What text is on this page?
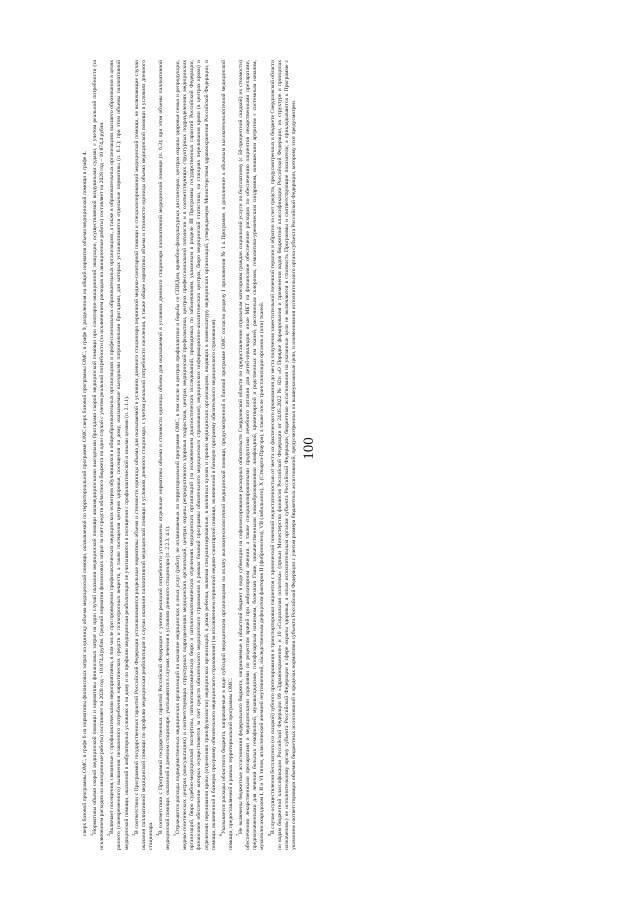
100

сверх базовой программы ОМС, в графе 6 на нормативы финансовых затрат на единицу объема медицинской помощи, оказываемой по территориальной программе ОМС сверх базовой программы ОМС, в графе 9, разделенная на общий норматив объема медицинской помощи в графе 4. $^1$Нормативы объема скорой медицинской помощи и нормативы финансовых затрат на один случай оказания медицинской помощи авиамедицинскими выездными бригадами скорой медицинской помощи при санитарно-авиационной эвакуации, осуществляемой воздушными судами, с учетом реальной потребности (за исключением расходов на авиационные работы) составляет на 2028 год – 10 874,4 рубля. Средний норматив финансовых затрат за счет средств областного бюджета на один случай с учетом реальной потребности (за исключением расходов на авиационные работы) составляет на 2028 год – 10 874,4 рубля. $^2$Включает посещения, связанные с профилактическими мероприятиями, в том числе при проведении профилактических медицинских осмотров обучающихся в общеобразовательных организациях и профессиональных образовательных организациях, а также в образовательных организациях высшего образования в целях раннего (своевременного) выявления незаконного потребления наркотических средств и психотропных веществ, а также посещения центров здоровья, посещения на дому, оказываемые выездными патронажными бригадами, для которых устанавливаются отдельные нормативы (п. 6.1.); при этом объемы паллиативной медицинской помощи, оказанной в амбулаторных условиях и на дому и по профилю медицинская реабилитация не учитываются в посещения с профилактической и иными целями (п. 2.1.1). $^3$В соответствии с Программой государственных гарантий Российской Федерации устанавливаются раздельные нормативы объема и стоимости единицы объема для оказываемой в условиях дневного стационара первичной медико-санитарной помощи и специализированной медицинской помощи, не включающие случаи оказания паллиативной медицинской помощи по профилю медицинская реабилитация и случаи оказания паллиативной медицинской помощи в условиях дневного стационара, с учетом реальной потребности населения, а также общие нормативы объема и стоимости единицы объема медицинской помощи в условиях дневного стационара. $^4$В соответствии с Программой государственных гарантий Российской Федерации с учетом реальной потребности установлены отдельные нормативы объема и стоимости единицы объема для оказываемой в условиях дневного стационара паллиативной медицинской помощи (п. 6.3); при этом объемы паллиативной медицинской помощи, оказанной в дневном стационаре, учитываются в случаях лечения в условиях дневного стационара (п. 2.2.3, 4.1). $^5$Отражаются расходы подведомственных медицинских организаций на оказание медицинских и иных услуг (работ), не оплачиваемых по территориальной программе ОМС, в том числе в центрах профилактики и борьбы со СПИДом, врачебно-физкультурных диспансерах, центрах охраны здоровья семьи и репродукции, медико-генетических центрах (консультациях) и соответствующих структурных подразделениях медицинских организаций, центрах охраны репродуктивного здоровья подростков, центрах медицинской профилактики, центрах профессиональной патологии и в соответствующих структурных подразделениях медицинских организаций, бюро судебно-медицинской экспертизы, патологоанатомических бюро и патологоанатомических отделениях медицинских организаций (за исключением диагностических исследований, проводимых по заболеваниям, указанным в разделе III Программы государственных гарантий Российской Федерации, финансовое обеспечение которых осуществляется за счет средств обязательного медицинского страхования в рамках базовой программы обязательного медицинского страхования), медицинских информационно-аналитических центрах, бюро медицинской статистики, на станциях переливания крови (в центрах крови) и отделениях переливания крови (отделениях трансфузиологии) медицинских организаций, в домах ребенка, включая специализированные, в молочных кухнях и прочих медицинских организациях, входящих в номенклатуру медицинских организаций, утверждаемую Министерством здравоохранения Российской Федерации, и помощи, включенной в базовую программу обязательного медицинского страхования) (за исключением первичной медико-санитарной помощи, включенной в базовую программу обязательного медицинского страхования). $^6$Указывается расходы областного бюджета, направляемые в виде субсидий медицинским организациям на оплату высокотехнологичной медицинской помощи, предусмотренной в базовой программе ОМС согласно разделу I приложения № 1 к Программе, в дополнение к обычным высокотехнологичной медицинской помощи, предоставляемой в рамках территориальной программы ОМС. $^7$Не включены бюджетные ассигнования федерального бюджета, направляемые в областной бюджет в виде субвенции на софинансирование расходных обязательств Свердловской области по предоставлению отдельным категориям граждан социальной услуги по бесплатному (с 50-процентной скидкой) их стоимости) обеспечению лекарственными препаратами и медицинскими изделиями по рецептам врачей при амбулаторном лечении, а также специализированными продуктами лечебного питания для детей-инвалидов; иные МБТ на финансовое обеспечение расходов по обеспечению пациентов лекарственными препаратами, предназначенными для лечения больных гемофилией, муковисцидозом, гипофизарным нанизмом, болезнью Гоше, злокачественными новообразованиями лимфоидной, кроветворной и родственных им тканей, рассеянным склерозом, гемолитико-уремическим синдромом, юношеским артритом с системным началом, мукополисахаридозом I, II и VI типов, апластической анемией неуточненной, наследственным дефицитом факторов II (фибриногена), VII (лабильного), X (Стюарта-Прауэра), а также после трансплантации органов и (или) тканей. $^8$В случае осуществления бесплатного (со скидкой) зубного протезирования и транспортировки пациентов с хронической почечной недостаточностью от места их фактического проживания до места получения заместительной почечной терапии и обратно за счет средств, предусмотренных в бюджете Свердловской области по кодам бюджетной классификации Российской Федерации 09 «Здравоохранение» и 10 «Социальная политика» (приказ Министерства финансов Российской Федерации от 24.05.2022 № 82н «О Порядке формирования и применения кодов бюджетной классификации Российской Федерации, их структуре и принципах назначения») не исполнительному органу субъекта Российской Федерации в сфере охраны здоровья, а иным исполнительным органам субъекта Российской Федерации, бюджетные ассигнования на указанные цели не включаются в стоимость Программы и соответствующие показатели, а прикладываются к Программе с указанием соответствующих объемов бюджетных ассигнований в пределах нормативов субъекта Российской Федерации с учетом размера бюджетных ассигнований, предусмотренных на вышеуказанные цели, и наименования исполнительного органа субъекта Российской Федерации, которому этот предусмотрен.
